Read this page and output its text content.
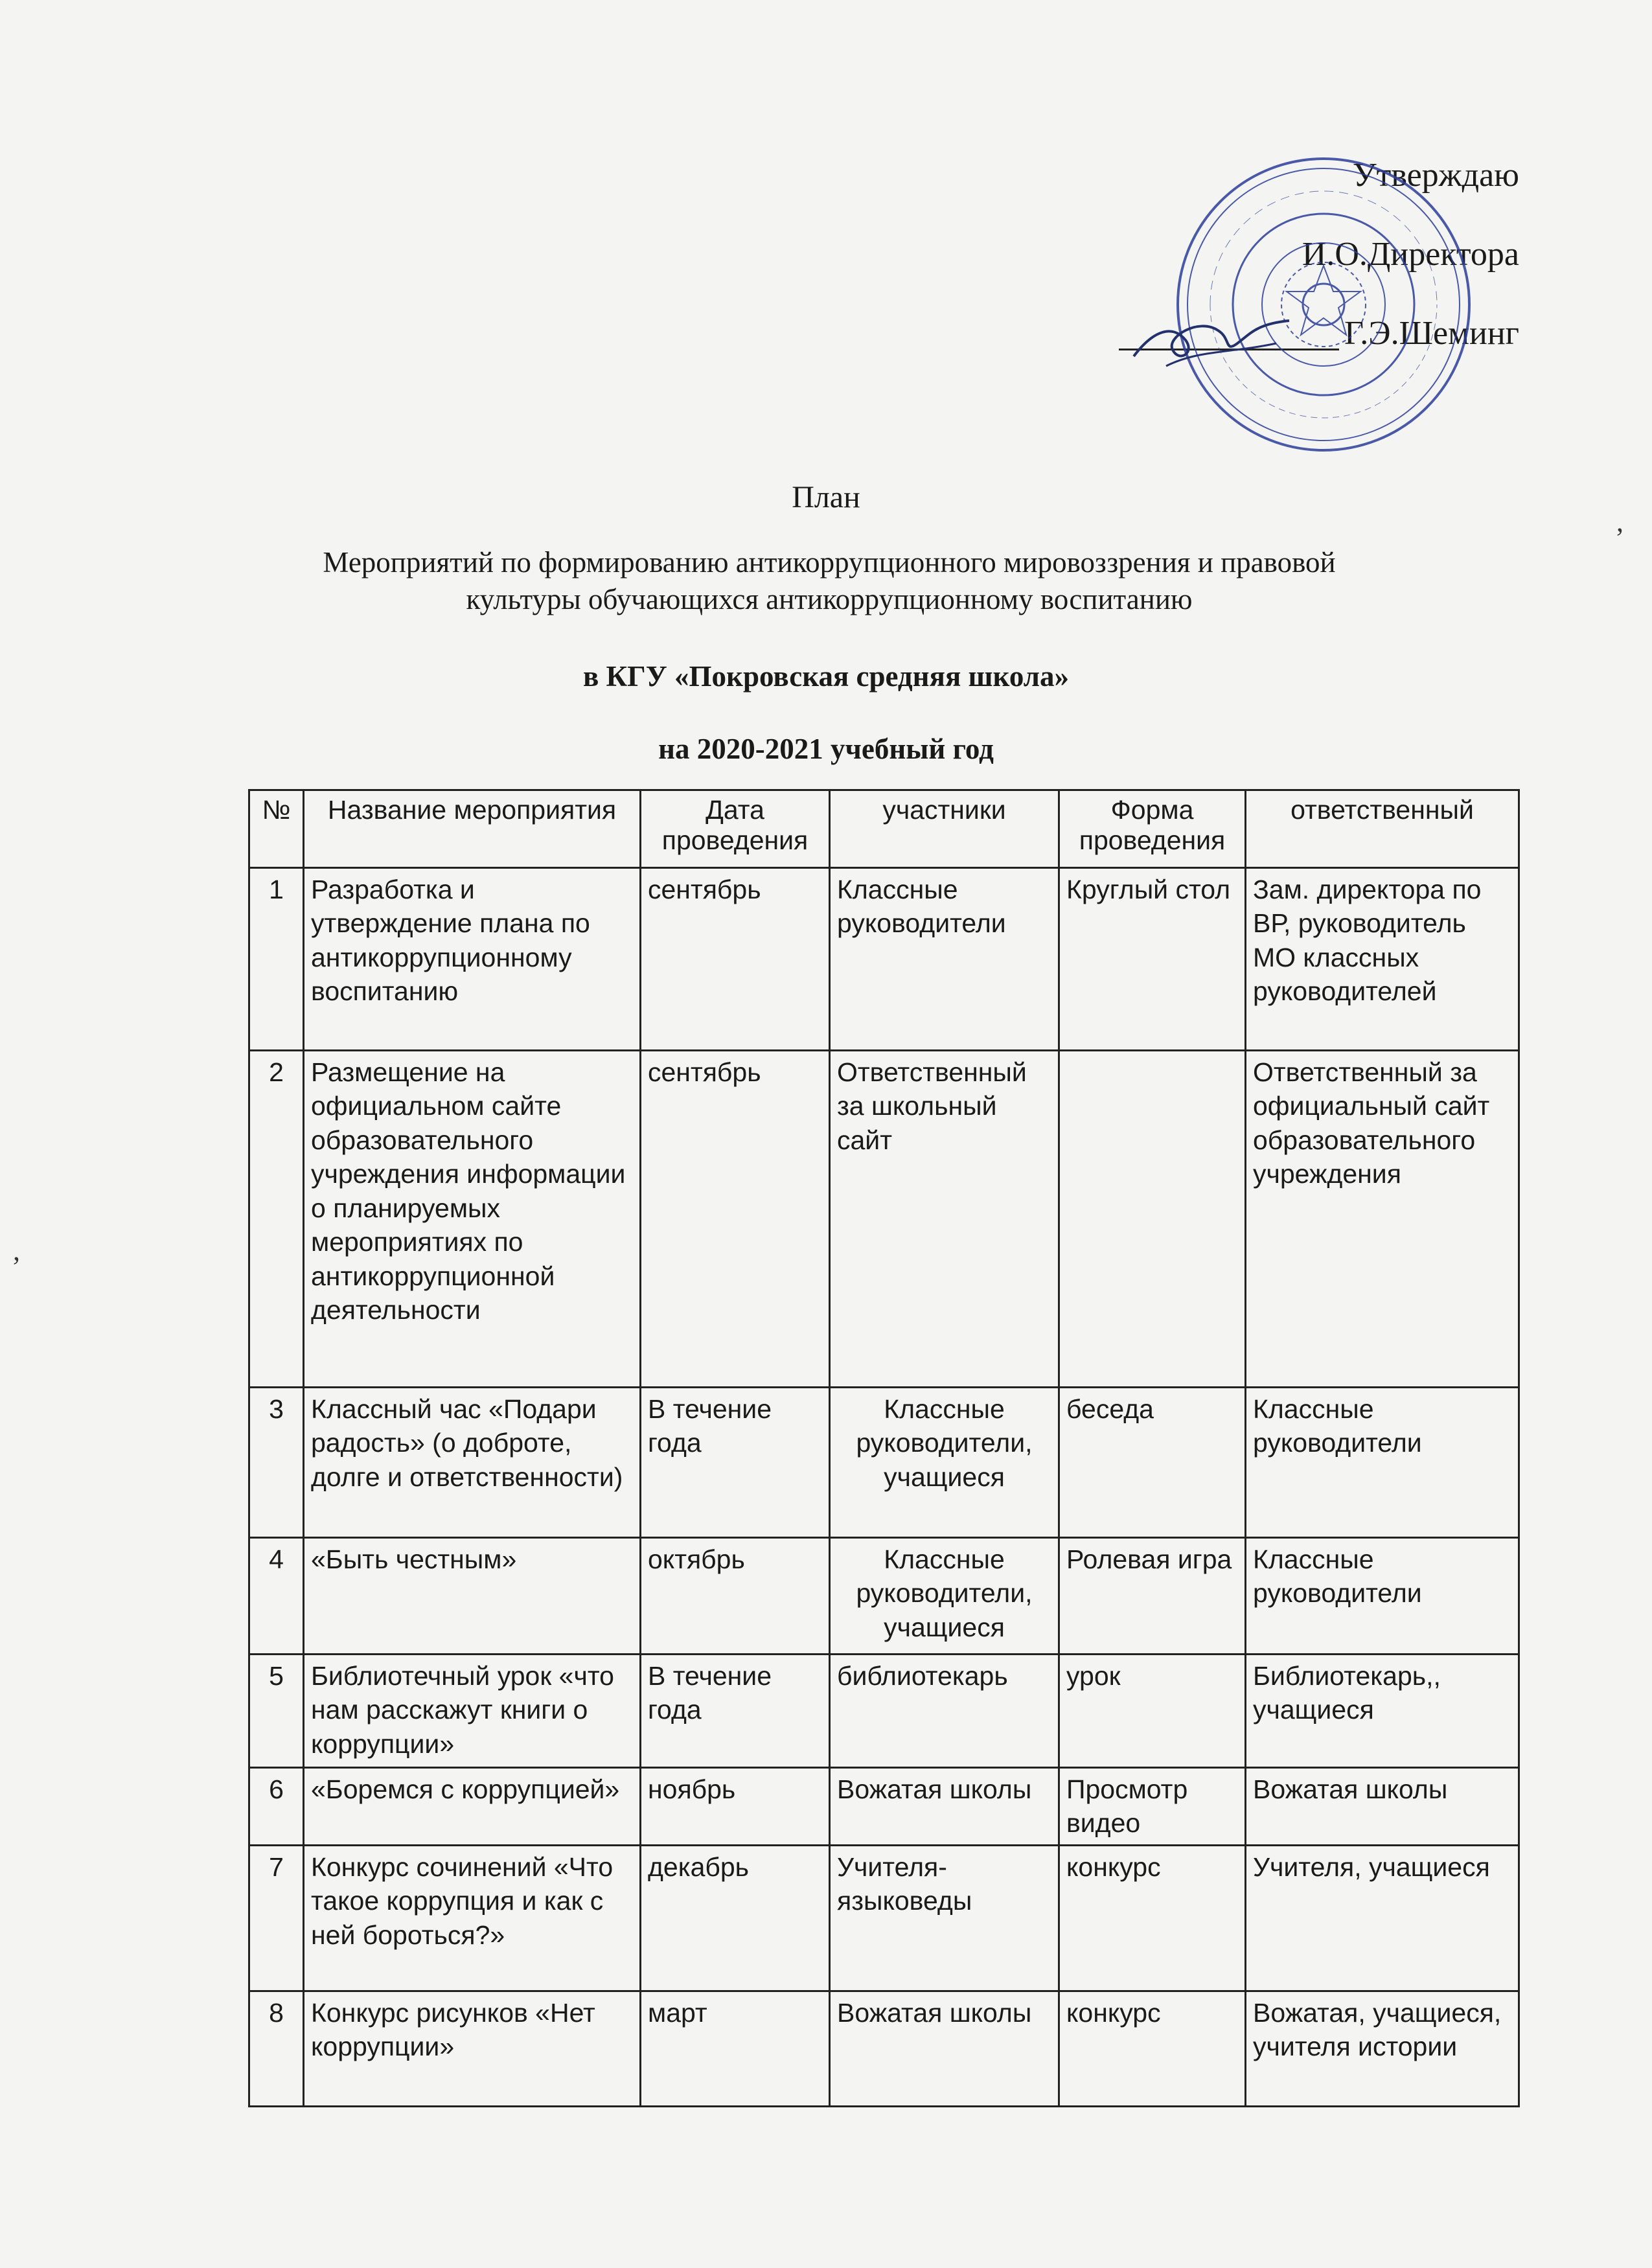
Утверждаю
И.О.Директора
Г.Э.Шеминг
План
Мероприятий по формированию антикоррупционного мировоззрения и правовой культуры обучающихся антикоррупционному воспитанию
в КГУ «Покровская средняя школа»
на 2020-2021 учебный год
,
,
№	Название мероприятия	Дата проведения	участники	Форма проведения	ответственный
1	Разработка и утверждение плана по антикоррупционному воспитанию	сентябрь	Классные руководители	Круглый стол	Зам. директора по ВР, руководитель МО классных руководителей
2	Размещение на официальном сайте образовательного учреждения информации о планируемых мероприятиях по антикоррупционной деятельности	сентябрь	Ответственный за школьный сайт		Ответственный за официальный сайт образовательного учреждения
3	Классный час «Подари радость» (о доброте, долге и ответственности)	В течение года	Классные руководители, учащиеся	беседа	Классные руководители
4	«Быть честным»	октябрь	Классные руководители, учащиеся	Ролевая игра	Классные руководители
5	Библиотечный урок «что нам расскажут книги о коррупции»	В течение года	библиотекарь	урок	Библиотекарь,, учащиеся
6	«Боремся с коррупцией»	ноябрь	Вожатая школы	Просмотр видео	Вожатая школы
7	Конкурс сочинений «Что такое коррупция и как с ней бороться?»	декабрь	Учителя-языковеды	конкурс	Учителя, учащиеся
8	Конкурс рисунков «Нет коррупции»	март	Вожатая школы	конкурс	Вожатая, учащиеся, учителя истории
